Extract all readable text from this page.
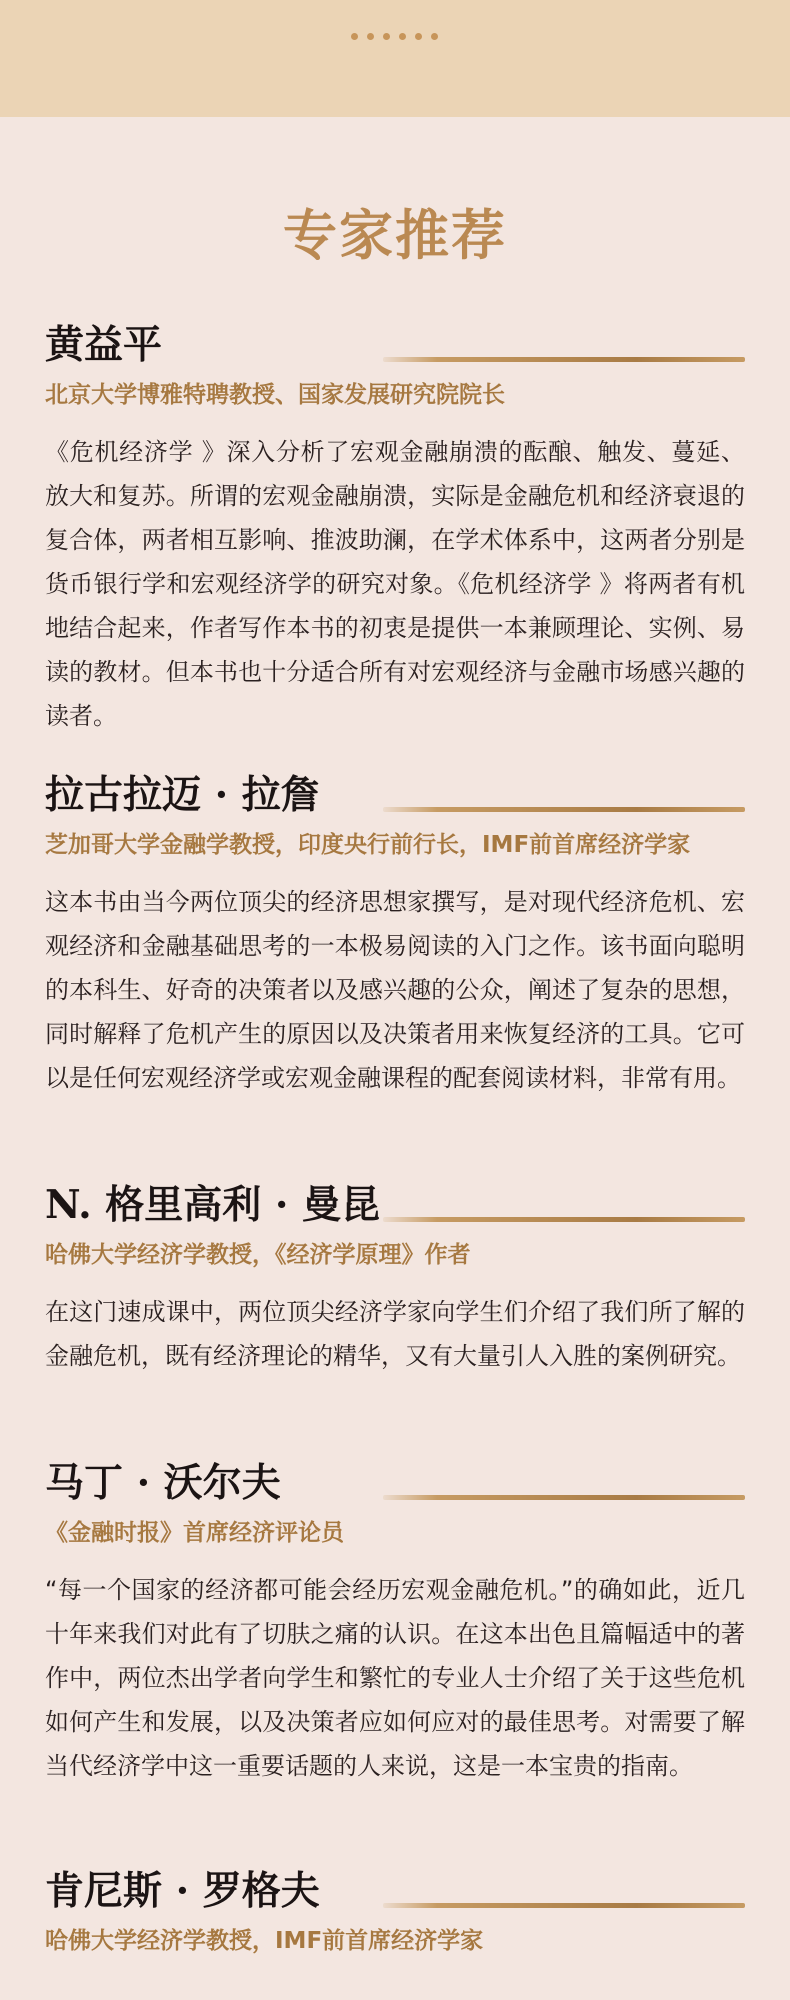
专家推荐
黄益平
北京大学博雅特聘教授、国家发展研究院院长
《危机经济学 》深入分析了宏观金融崩溃的酝酿、触发、蔓延、放大和复苏。所谓的宏观金融崩溃，实际是金融危机和经济衰退的复合体，两者相互影响、推波助澜，在学术体系中，这两者分别是货币银行学和宏观经济学的研究对象。《危机经济学 》将两者有机地结合起来，作者写作本书的初衷是提供一本兼顾理论、实例、易读的教材。但本书也十分适合所有对宏观经济与金融市场感兴趣的读者。
拉古拉迈 · 拉詹
芝加哥大学金融学教授，印度央行前行长，IMF前首席经济学家
这本书由当今两位顶尖的经济思想家撰写，是对现代经济危机、宏观经济和金融基础思考的一本极易阅读的入门之作。该书面向聪明的本科生、好奇的决策者以及感兴趣的公众，阐述了复杂的思想，同时解释了危机产生的原因以及决策者用来恢复经济的工具。它可以是任何宏观经济学或宏观金融课程的配套阅读材料，非常有用。
N. 格里高利 · 曼昆
哈佛大学经济学教授，《经济学原理》作者
在这门速成课中，两位顶尖经济学家向学生们介绍了我们所了解的金融危机，既有经济理论的精华，又有大量引人入胜的案例研究。
马丁 · 沃尔夫
《金融时报》首席经济评论员
“每一个国家的经济都可能会经历宏观金融危机。”的确如此，近几十年来我们对此有了切肤之痛的认识。在这本出色且篇幅适中的著作中，两位杰出学者向学生和繁忙的专业人士介绍了关于这些危机如何产生和发展，以及决策者应如何应对的最佳思考。对需要了解当代经济学中这一重要话题的人来说，这是一本宝贵的指南。
肯尼斯 · 罗格夫
哈佛大学经济学教授，IMF前首席经济学家
